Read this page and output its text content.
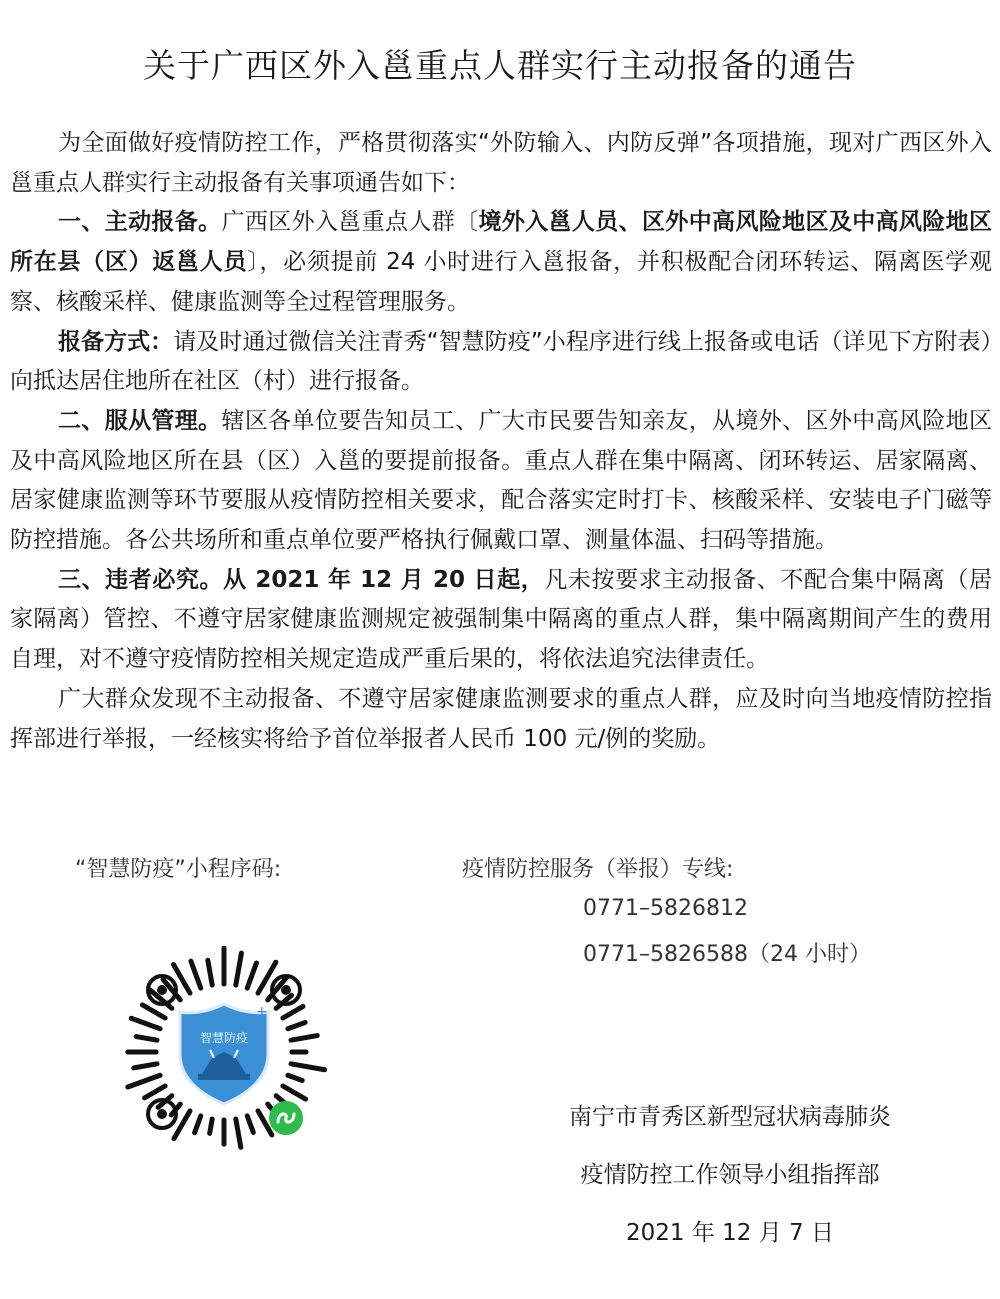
关于广西区外入邕重点人群实行主动报备的通告

为全面做好疫情防控工作，严格贯彻落实“外防输入、内防反弹”各项措施，现对广西区外入邕重点人群实行主动报备有关事项通告如下：

一、主动报备。广西区外入邕重点人群〔境外入邕人员、区外中高风险地区及中高风险地区所在县（区）返邕人员〕，必须提前 24 小时进行入邕报备，并积极配合闭环转运、隔离医学观察、核酸采样、健康监测等全过程管理服务。

报备方式：请及时通过微信关注青秀“智慧防疫”小程序进行线上报备或电话（详见下方附表）向抵达居住地所在社区（村）进行报备。

二、服从管理。辖区各单位要告知员工、广大市民要告知亲友，从境外、区外中高风险地区及中高风险地区所在县（区）入邕的要提前报备。重点人群在集中隔离、闭环转运、居家隔离、居家健康监测等环节要服从疫情防控相关要求，配合落实定时打卡、核酸采样、安装电子门磁等防控措施。各公共场所和重点单位要严格执行佩戴口罩、测量体温、扫码等措施。

三、违者必究。从 2021 年 12 月 20 日起，凡未按要求主动报备、不配合集中隔离（居家隔离）管控、不遵守居家健康监测规定被强制集中隔离的重点人群，集中隔离期间产生的费用自理，对不遵守疫情防控相关规定造成严重后果的，将依法追究法律责任。

广大群众发现不主动报备、不遵守居家健康监测要求的重点人群，应及时向当地疫情防控指挥部进行举报，一经核实将给予首位举报者人民币 100 元/例的奖励。

“智慧防疫”小程序码:	疫情防控服务（举报）专线:
0771–5826812
0771–5826588（24 小时）
智慧防疫
+
南宁市青秀区新型冠状病毒肺炎
疫情防控工作领导小组指挥部
2021 年 12 月 7 日
